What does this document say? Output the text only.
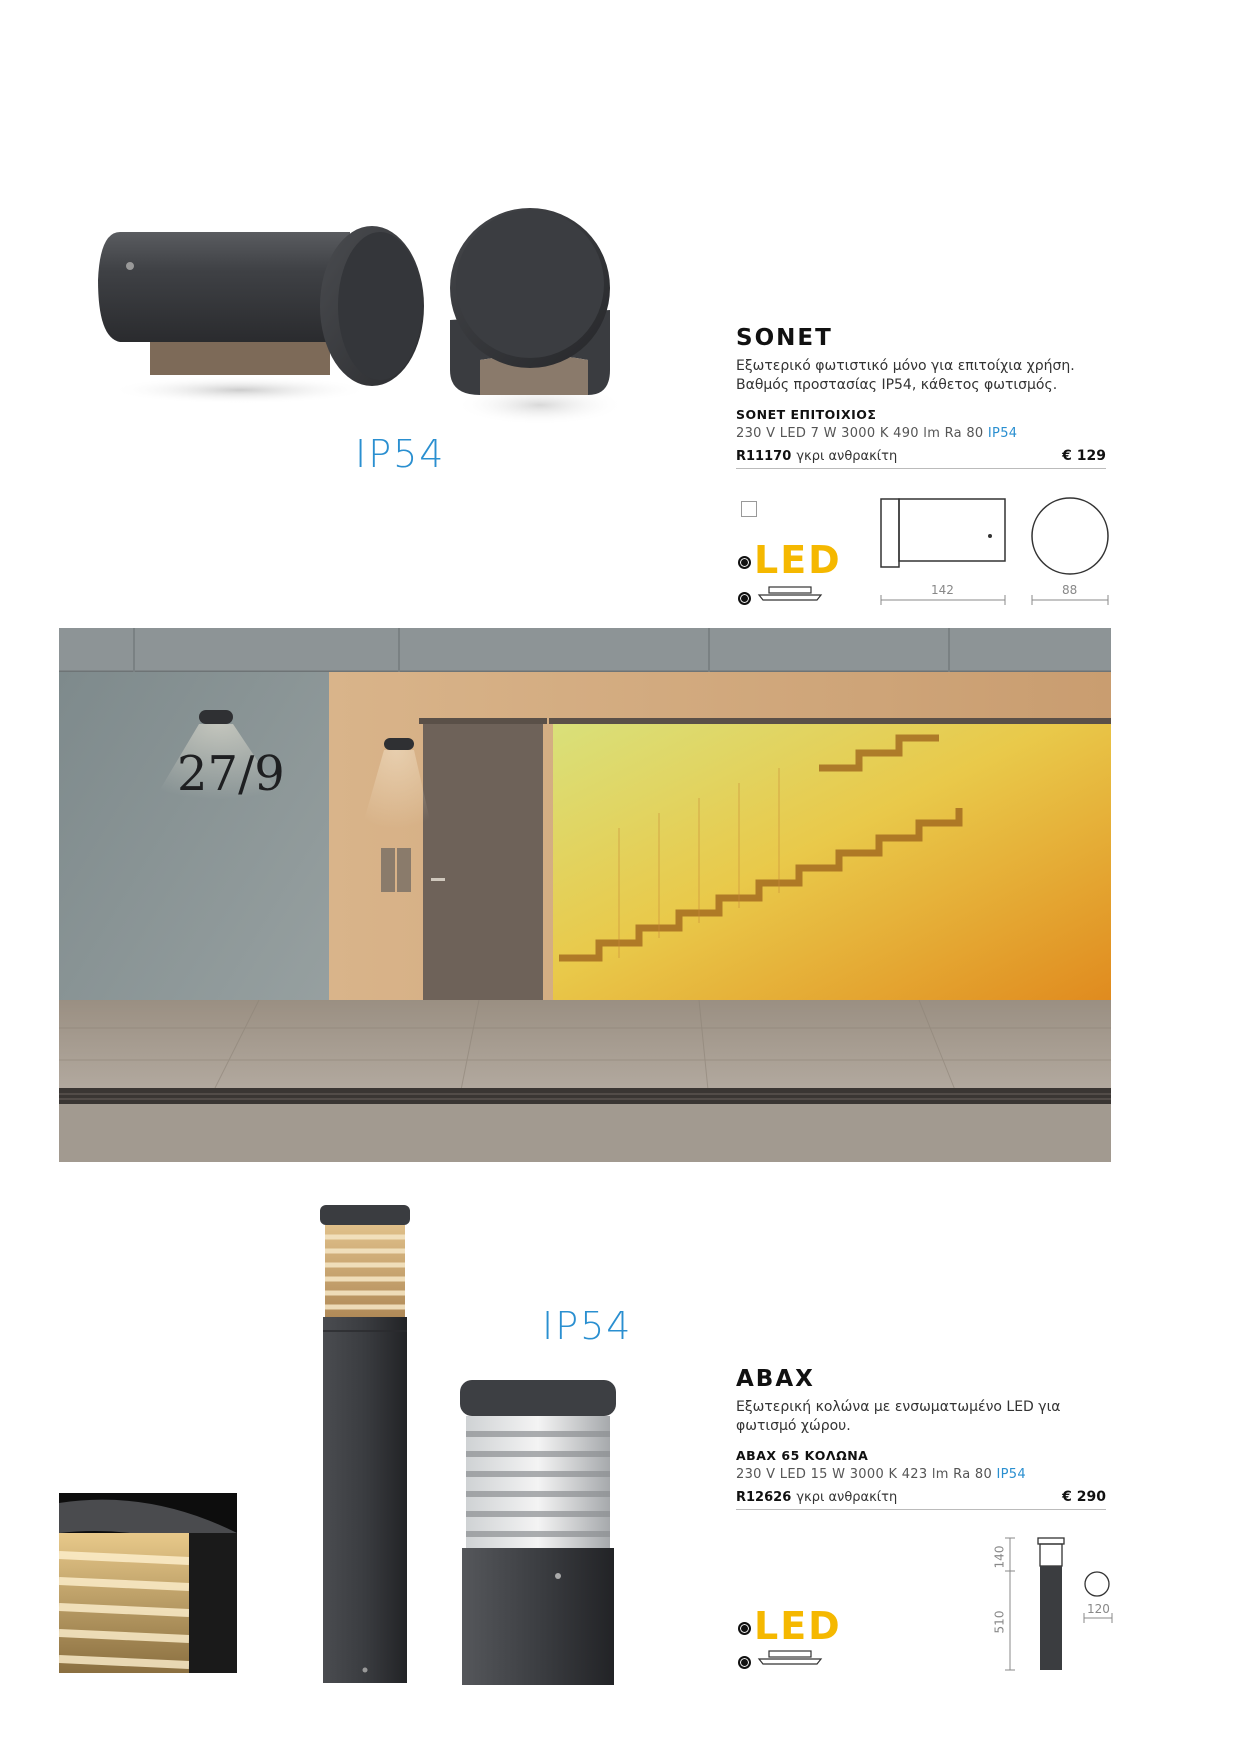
IP54
SONET
Εξωτερικό φωτιστικό μόνο για επιτοίχια χρήση. Βαθμός προστασίας IP54, κάθετος φωτισμός.
SONET ΕΠΙΤΟΙΧΙΟΣ
230 V LED 7 W 3000 K 490 lm Ra 80 IP54
R11170 γκρι ανθρακίτη	€ 129
LED
142	88
27/9
IP54
ABAX
Εξωτερική κολώνα με ενσωματωμένο LED για φωτισμό χώρου.
ABAX 65 ΚΟΛΩΝΑ
230 V LED 15 W 3000 K 423 lm Ra 80 IP54
R12626 γκρι ανθρακίτη	€ 290
LED
140
510
120
